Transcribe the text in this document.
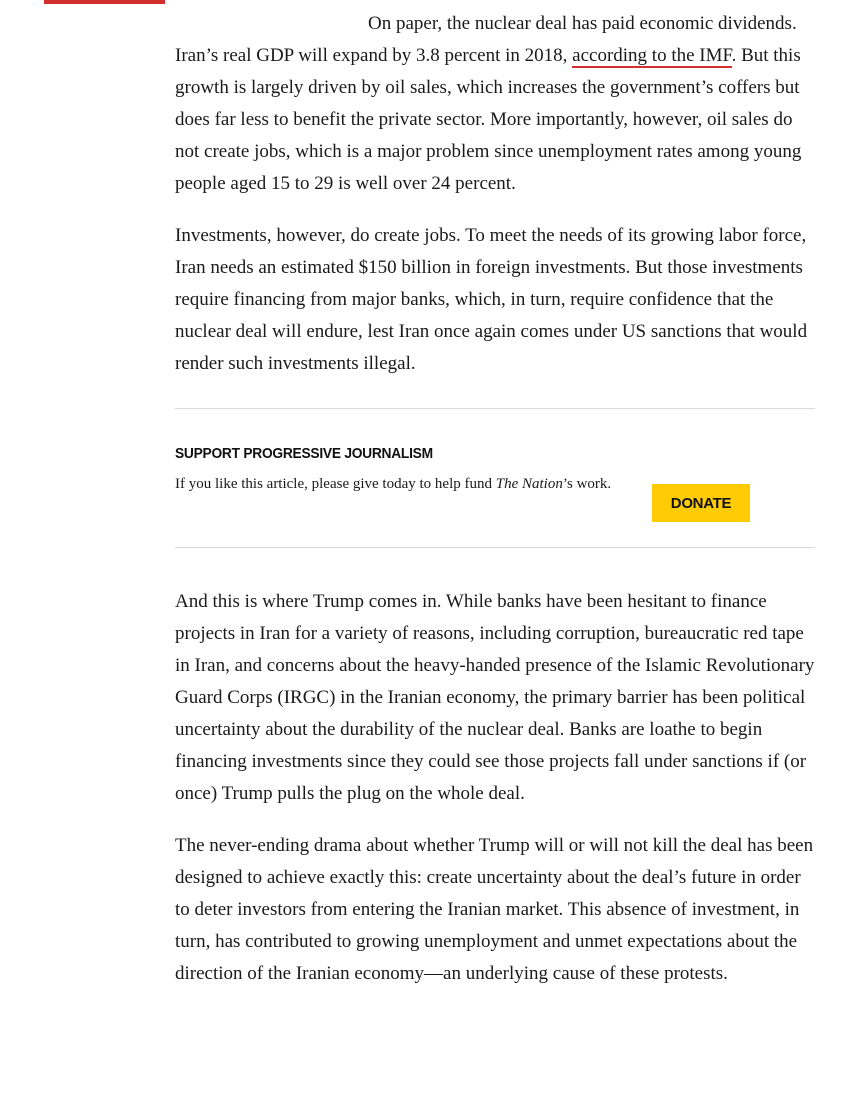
On paper, the nuclear deal has paid economic dividends. Iran’s real GDP will expand by 3.8 percent in 2018, according to the IMF. But this growth is largely driven by oil sales, which increases the government’s coffers but does far less to benefit the private sector. More importantly, however, oil sales do not create jobs, which is a major problem since unemployment rates among young people aged 15 to 29 is well over 24 percent.

Investments, however, do create jobs. To meet the needs of its growing labor force, Iran needs an estimated $150 billion in foreign investments. But those investments require financing from major banks, which, in turn, require confidence that the nuclear deal will endure, lest Iran once again comes under US sanctions that would render such investments illegal.

SUPPORT PROGRESSIVE JOURNALISM

If you like this article, please give today to help fund The Nation’s work.

DONATE

And this is where Trump comes in. While banks have been hesitant to finance projects in Iran for a variety of reasons, including corruption, bureaucratic red tape in Iran, and concerns about the heavy-handed presence of the Islamic Revolutionary Guard Corps (IRGC) in the Iranian economy, the primary barrier has been political uncertainty about the durability of the nuclear deal. Banks are loathe to begin financing investments since they could see those projects fall under sanctions if (or once) Trump pulls the plug on the whole deal.

The never-ending drama about whether Trump will or will not kill the deal has been designed to achieve exactly this: create uncertainty about the deal’s future in order to deter investors from entering the Iranian market. This absence of investment, in turn, has contributed to growing unemployment and unmet expectations about the direction of the Iranian economy—an underlying cause of these protests.
